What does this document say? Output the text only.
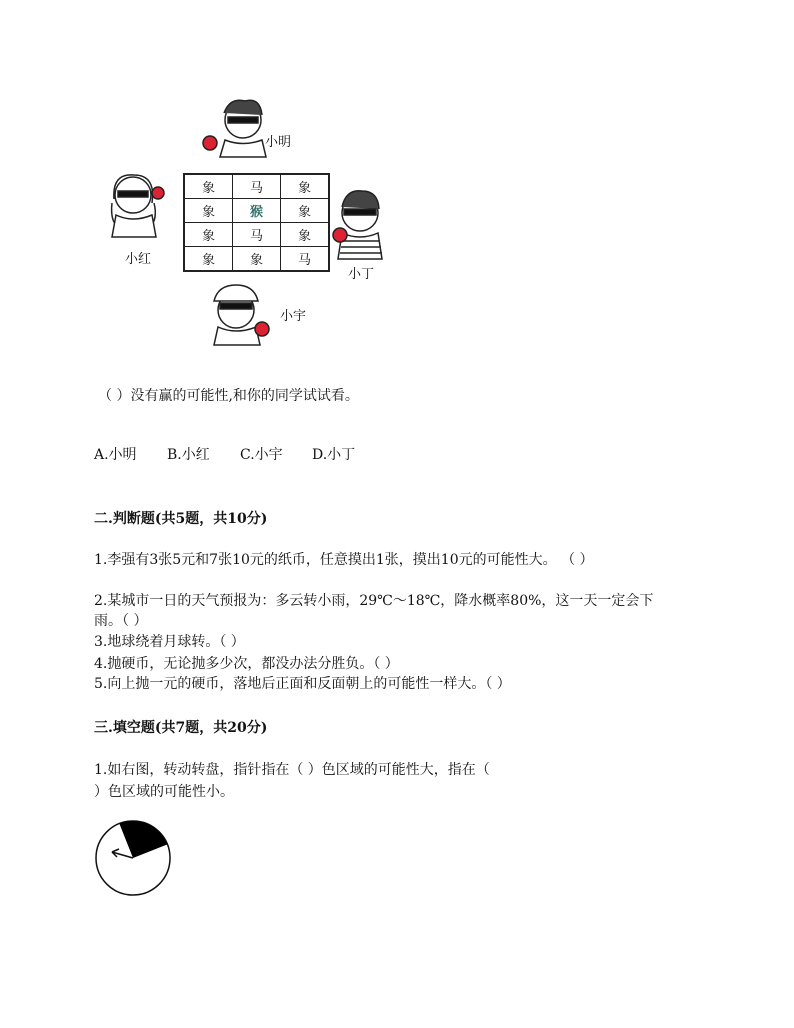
象	马	象
象	猴	象
象	马	象
象	象	马
小明
小红
小丁
小宇
（ ）没有赢的可能性,和你的同学试试看。
A.小明 B.小红 C.小宇 D.小丁
二.判断题(共5题，共10分)
1.李强有3张5元和7张10元的纸币，任意摸出1张，摸出10元的可能性大。 （ ）
2.某城市一日的天气预报为：多云转小雨，29℃～18℃，降水概率80%，这一天一定会下
雨。（ ）
3.地球绕着月球转。（ ）
4.抛硬币，无论抛多少次，都没办法分胜负。（ ）
5.向上抛一元的硬币，落地后正面和反面朝上的可能性一样大。（ ）
三.填空题(共7题，共20分)
1.如右图，转动转盘，指针指在（ ）色区域的可能性大，指在（
）色区域的可能性小。
